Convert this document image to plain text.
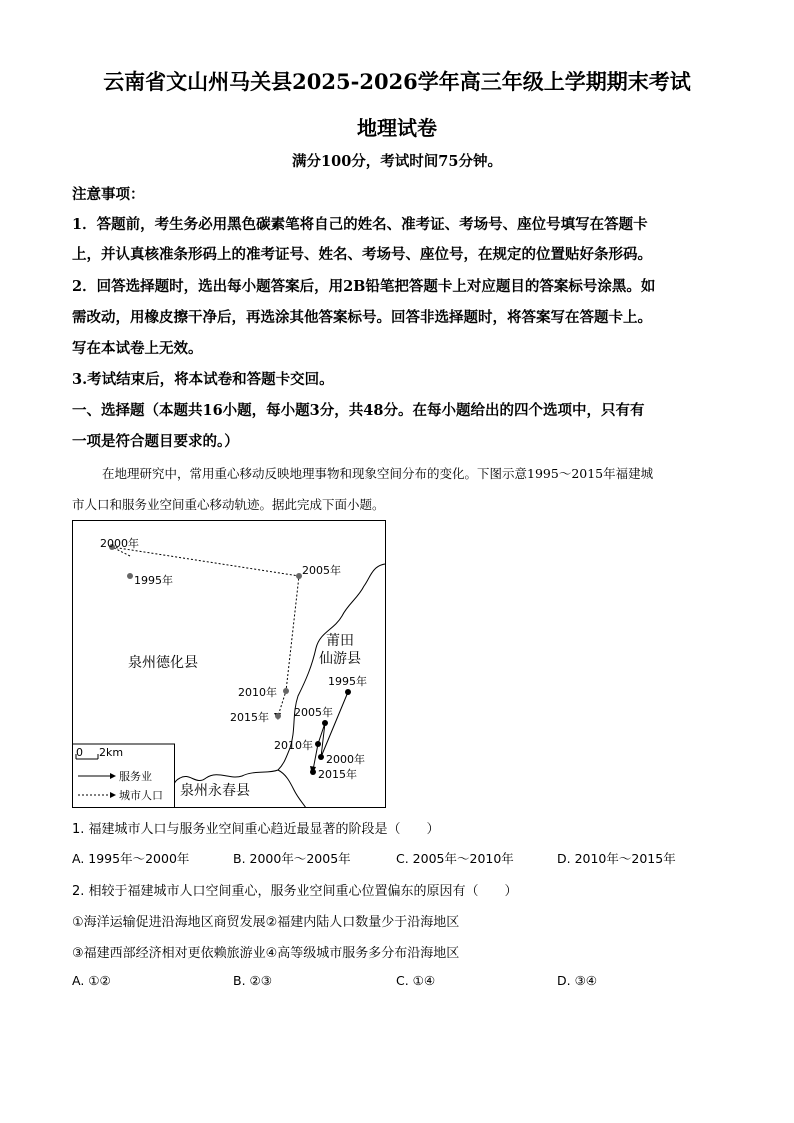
云南省文山州马关县2025-2026学年高三年级上学期期末考试
地理试卷
满分100分，考试时间75分钟。
注意事项：
1．答题前，考生务必用黑色碳素笔将自己的姓名、准考证、考场号、座位号填写在答题卡
上，并认真核准条形码上的准考证号、姓名、考场号、座位号，在规定的位置贴好条形码。
2．回答选择题时，选出每小题答案后，用2B铅笔把答题卡上对应题目的答案标号涂黑。如
需改动，用橡皮擦干净后，再选涂其他答案标号。回答非选择题时，将答案写在答题卡上。
写在本试卷上无效。
3.考试结束后，将本试卷和答题卡交回。
一、选择题（本题共16小题，每小题3分，共48分。在每小题给出的四个选项中，只有有
一项是符合题目要求的。）
在地理研究中，常用重心移动反映地理事物和现象空间分布的变化。下图示意1995～2015年福建城
市人口和服务业空间重心移动轨迹。据此完成下面小题。
0 2km
服务业
城市人口
泉州德化县
莆田
仙游县
泉州永春县
2000年
1995年
2005年
2010年
2015年
1995年
2005年
2010年
2000年
2015年
1. 福建城市人口与服务业空间重心趋近最显著的阶段是（　　）
A. 1995年～2000年	B. 2000年～2005年	C. 2005年～2010年	D. 2010年～2015年
2. 相较于福建城市人口空间重心，服务业空间重心位置偏东的原因有（　　）
①海洋运输促进沿海地区商贸发展②福建内陆人口数量少于沿海地区
③福建西部经济相对更依赖旅游业④高等级城市服务多分布沿海地区
A. ①②	B. ②③	C. ①④	D. ③④
